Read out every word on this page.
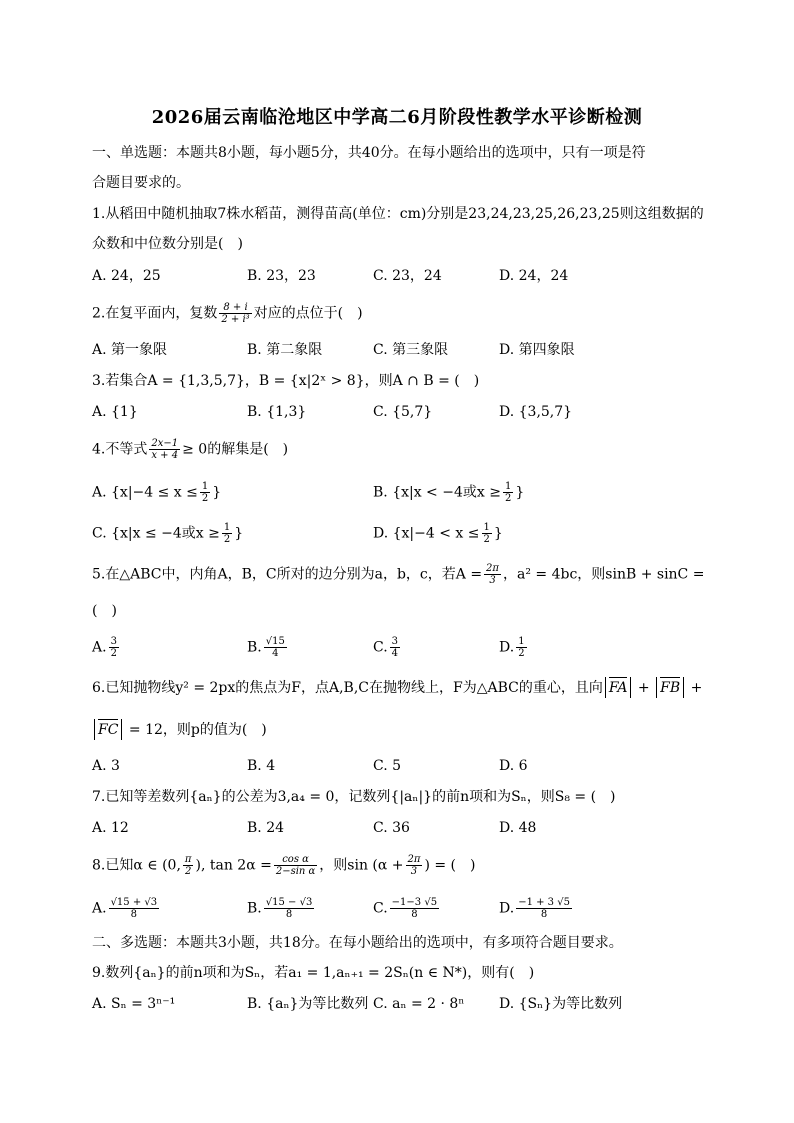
2026届云南临沧地区中学高二6月阶段性教学水平诊断检测
一、单选题：本题共8小题，每小题5分，共40分。在每小题给出的选项中，只有一项是符
合题目要求的。
1.从稻田中随机抽取7株水稻苗，测得苗高(单位：cm)分别是23,24,23,25,26,23,25则这组数据的
众数和中位数分别是(　)
A. 24，25	B. 23，23	C. 23，24	D. 24，24
2.在复平面内，复数 $\frac{8 + i}{\text{2 + i³}}$ 对应的点位于(　)
A. 第一象限	B. 第二象限	C. 第三象限	D. 第四象限
3.若集合A = {1,3,5,7}，B = {x|2ˣ > 8}，则A ∩ B = (　)
A. {1}	B. {1,3}	C. {5,7}	D. {3,5,7}
4.不等式 $\frac{2x-1}{x + 4} \ge 0$的解集是(　)
A. {$x|-4 \le x \le \frac{1}{2}$ }	B. {x|x < −4或$x \ge \frac{1}{2}$ }
C. {x|x ≤ −4或$x \ge \frac{1}{2}$ }	D. {$x|-4 < x \le \frac{1}{2}$ }
5.在△ABC中，内角A，B，C所对的边分别为a，b，c，若$A = \frac{2\pi}{3}$ ，a² = 4bc，则sinB + sinC =
(　)
A. $\frac{3}{2}$	B. $\frac{√15}{4}$	C. $\frac{3}{4}$	D. $\frac{1}{2}$
6.已知抛物线y² = 2px的焦点为F，点A,B,C在抛物线上，F为△ABC的重心，且向 FA + FB +
FC = 12，则p的值为(　)
A. 3	B. 4	C. 5	D. 6
7.已知等差数列{aₙ}的公差为3,a₄ = 0，记数列{|aₙ|}的前n项和为Sₙ，则S₈ = (　)
A. 12	B. 24	C. 36	D. 48
8.已知α ∈ (0, $\frac{\pi}{2}$ ), $\tan 2\alpha = \frac{\text{cos α}}{\text{2−sin α}}$ ，则$\sin (\alpha + \frac{2\pi}{3}$ ) = (　)
A. $\frac{√15 + √3}{8}$	B. $\frac{√15 - √3}{8}$	C. $\frac{-1-3 √5}{8}$	D. $\frac{-1 + 3 √5}{8}$
二、多选题：本题共3小题，共18分。在每小题给出的选项中，有多项符合题目要求。
9.数列{aₙ}的前n项和为Sₙ，若a₁ = 1,aₙ₊₁ = 2Sₙ(n ∈ N*)，则有(　)
A. Sₙ = 3ⁿ⁻¹	B. {aₙ}为等比数列 C. aₙ = 2 · 8ⁿ D. {Sₙ}为等比数列
